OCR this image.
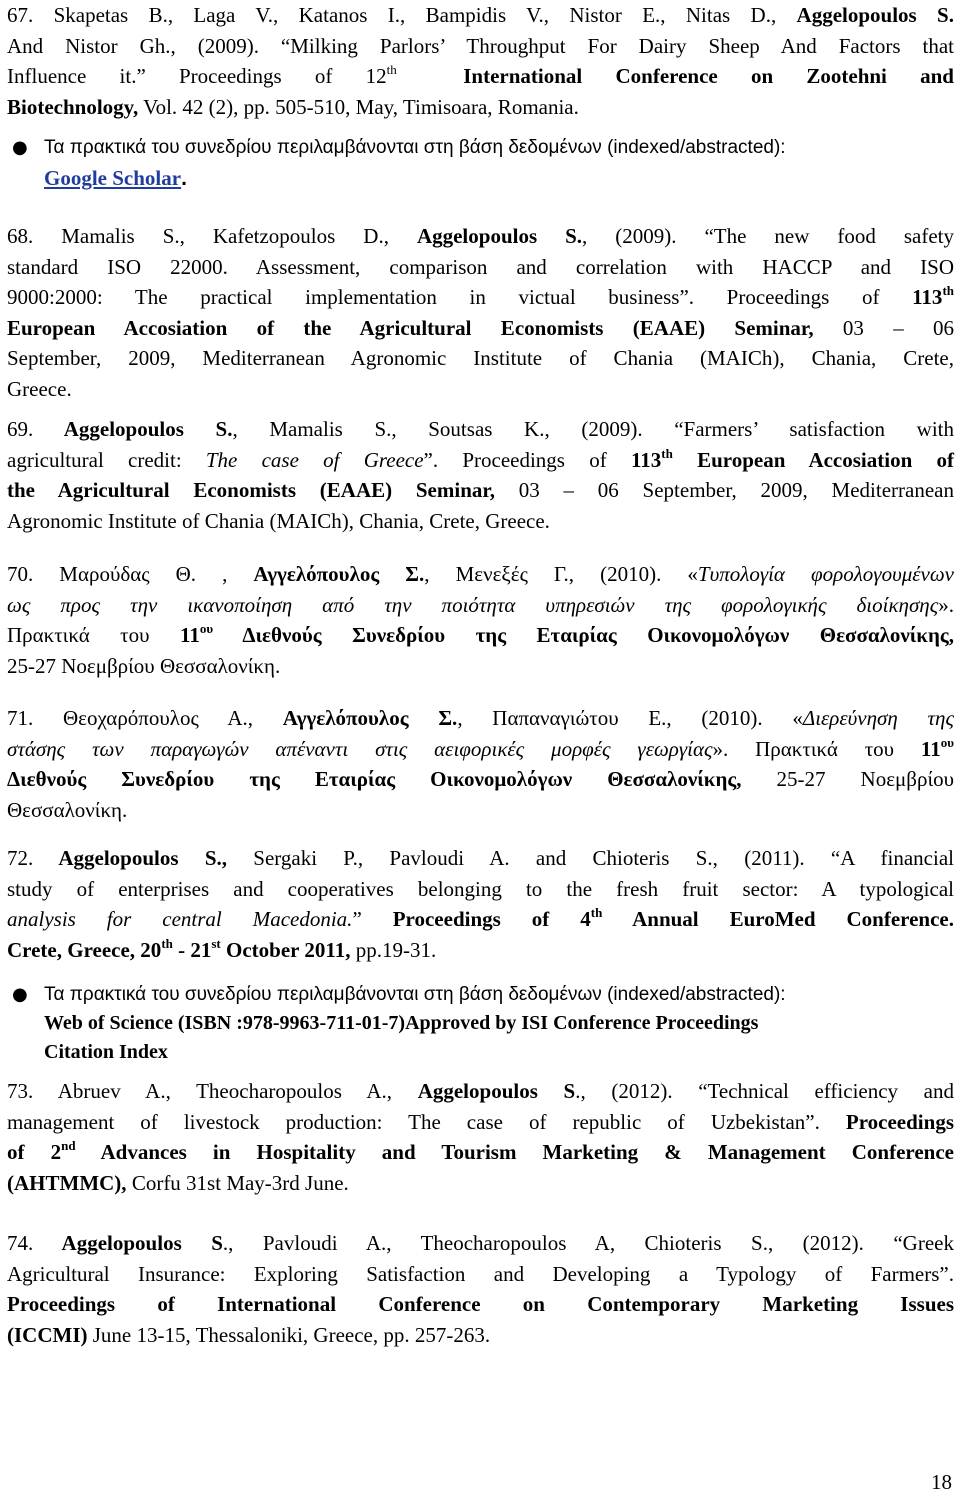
67. Skapetas B., Laga V., Katanos I., Bampidis V., Nistor E., Nitas D., Aggelopoulos S.

And Nistor Gh., (2009). “Milking Parlors’ Throughput For Dairy Sheep And Factors that

Influence it.” Proceedings of 12th	International Conference on Zootehni and

Biotechnology, Vol. 42 (2), pp. 505-510, May, Timisoara, Romania.

● Τα πρακτικά του συνεδρίου περιλαμβάνονται στη βάση δεδομένων (indexed/abstracted):
Google Scholar.

68. Mamalis S., Kafetzopoulos D., Aggelopoulos S., (2009). “The new food safety

standard ISO 22000. Assessment, comparison and correlation with HACCP and ISO

9000:2000: The practical implementation in victual business”. Proceedings of 113th

European Accosiation of the Agricultural Economists (EAAE) Seminar, 03 – 06

September, 2009, Mediterranean Agronomic Institute of Chania (MAICh), Chania, Crete,

Greece.

69. Aggelopoulos S., Mamalis S., Soutsas K., (2009). “Farmers’ satisfaction with

agricultural credit: The case of Greece”. Proceedings of 113th European Accosiation of

the Agricultural Economists (EAAE) Seminar, 03 – 06 September, 2009, Mediterranean

Agronomic Institute of Chania (MAICh), Chania, Crete, Greece.

70. Μαρούδας Θ. , Αγγελόπουλος Σ., Μενεξές Γ., (2010). «Τυπολογία φορολογουμένων

ως προς την ικανοποίηση από την ποιότητα υπηρεσιών της φορολογικής διοίκησης».

Πρακτικά του $11^{o\upsilon}$ Διεθνούς Συνεδρίου της Εταιρίας Οικονομολόγων Θεσσαλονίκης,

25-27 Νοεμβρίου Θεσσαλονίκη.

71. Θεοχαρόπουλος Α., Αγγελόπουλος Σ., Παπαναγιώτου Ε., (2010). «Διερεύνηση της

στάσης των παραγωγών απέναντι στις αειφορικές μορφές γεωργίας». Πρακτικά του $11^{o\upsilon}$

Διεθνούς Συνεδρίου της Εταιρίας Οικονομολόγων Θεσσαλονίκης, 25-27 Νοεμβρίου

Θεσσαλονίκη.

72. Aggelopoulos S., Sergaki P., Pavloudi A. and Chioteris S., (2011). “A financial

study of enterprises and cooperatives belonging to the fresh fruit sector: A typological

analysis for central Macedonia.” Proceedings of 4th Annual EuroMed Conference.

Crete, Greece, 20th - 21st October 2011, pp.19-31.

● Τα πρακτικά του συνεδρίου περιλαμβάνονται στη βάση δεδομένων (indexed/abstracted):
Web of Science (ISBN :978-9963-711-01-7)Approved by ISI Conference Proceedings
Citation Index

73. Abruev A., Theocharopoulos A., Aggelopoulos S., (2012). “Technical efficiency and

management of livestock production: The case of republic of Uzbekistan”. Proceedings

of 2nd Advances in Hospitality and Tourism Marketing & Management Conference

(AHTMMC), Corfu 31st May-3rd June.

74. Aggelopoulos S., Pavloudi A., Theocharopoulos A, Chioteris S., (2012). “Greek

Agricultural Insurance: Exploring Satisfaction and Developing a Typology of Farmers”.

Proceedings of International Conference on Contemporary Marketing Issues

(ICCMI) June 13-15, Thessaloniki, Greece, pp. 257-263.

18
